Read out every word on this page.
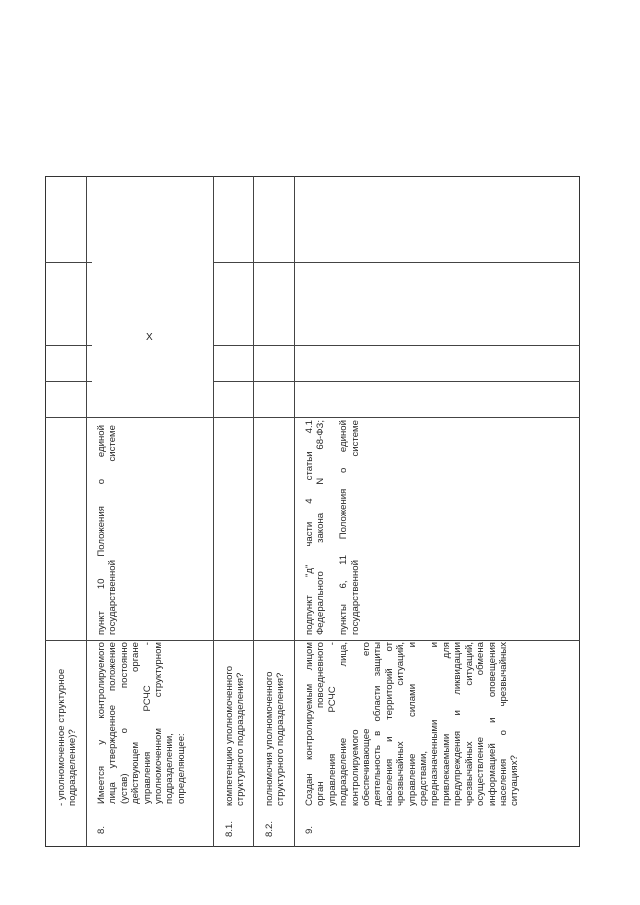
- уполномоченное структурное
подразделение)?
8.
Имеется у контролируемого
лица утвержденное положение
(устав) о постоянно
действующем органе
управления РСЧС -
уполномоченном структурном
подразделении,
определяющее:
пункт 10 Положения о единой
государственной системе
X
8.1.
компетенцию уполномоченного
структурного подразделения?
8.2.
полномочия уполномоченного
структурного подразделения?
9.
Создан контролируемым лицом
орган повседневного
управления РСЧС -
подразделение лица,
контролируемого
обеспечивающее его
деятельность в области защиты
населения и территорий от
чрезвычайных ситуаций,
управление силами и
средствами,
предназначенными и
привлекаемыми для
предупреждения и ликвидации
чрезвычайных ситуаций,
осуществление обмена
информацией и оповещения
населения о чрезвычайных
ситуациях?
подпункт "д" части 4 статьи 4.1
Федерального закона N 68-ФЗ;

пункты 6, 11 Положения о единой
государственной системе
